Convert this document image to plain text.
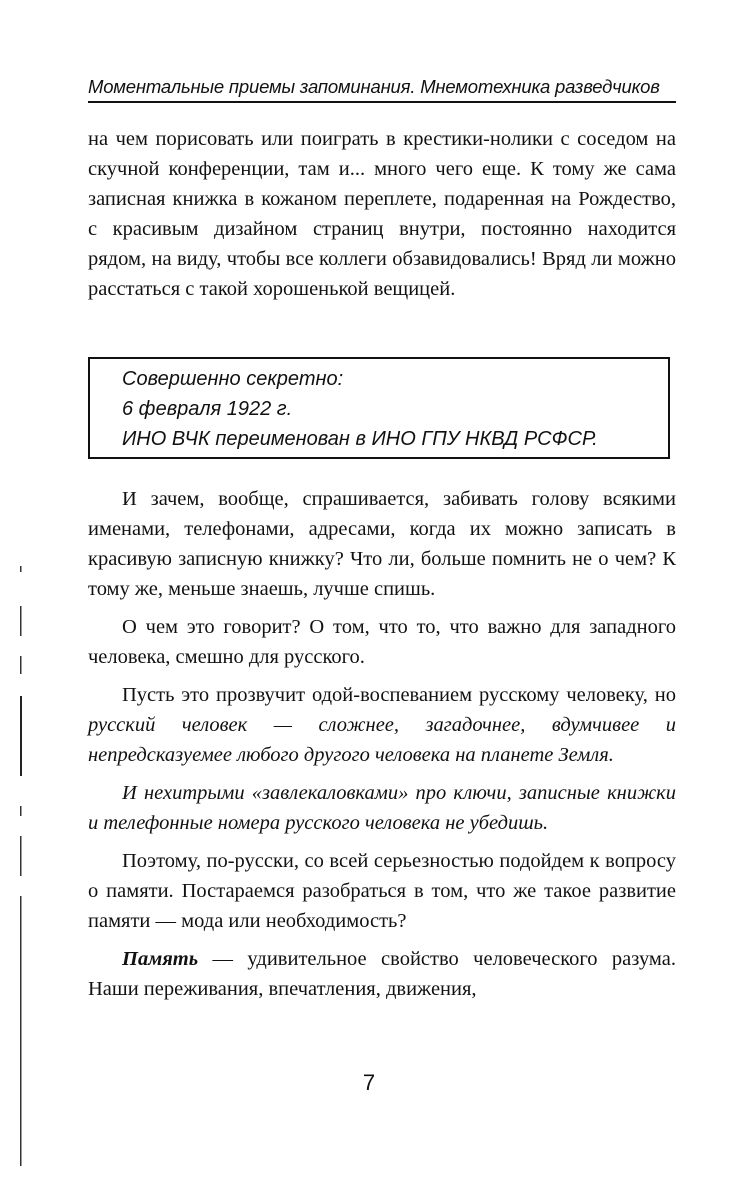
Моментальные приемы запоминания. Мнемотехника разведчиков

на чем порисовать или поиграть в крестики-нолики с соседом на скучной конференции, там и... много чего еще. К тому же сама записная книжка в кожаном переплете, подаренная на Рождество, с красивым дизайном страниц внутри, постоянно находится рядом, на виду, чтобы все коллеги обзавидовались! Вряд ли можно расстаться с такой хорошенькой вещицей.

Совершенно секретно:
6 февраля 1922 г.
ИНО ВЧК переименован в ИНО ГПУ НКВД РСФСР.

И зачем, вообще, спрашивается, забивать голову всякими именами, телефонами, адресами, когда их можно записать в красивую записную книжку? Что ли, больше помнить не о чем? К тому же, меньше знаешь, лучше спишь.

О чем это говорит? О том, что то, что важно для западного человека, смешно для русского.

Пусть это прозвучит одой-воспеванием русскому человеку, но русский человек — сложнее, загадочнее, вдумчивее и непредсказуемее любого другого человека на планете Земля.

И нехитрыми «завлекаловками» про ключи, записные книжки и телефонные номера русского человека не убедишь.

Поэтому, по-русски, со всей серьезностью подойдем к вопросу о памяти. Постараемся разобраться в том, что же такое развитие памяти — мода или необходимость?

Память — удивительное свойство человеческого разума. Наши переживания, впечатления, движения,

7
